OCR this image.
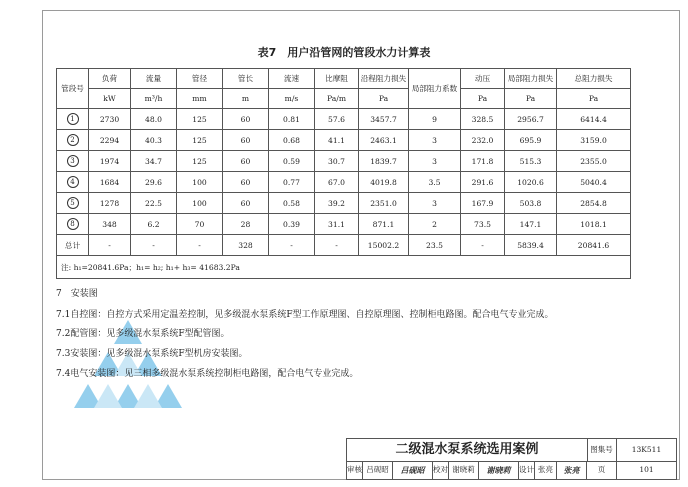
表7　用户沿管网的管段水力计算表
管段号	负荷	流量	管径	管长	流速	比摩阻	沿程阻力损失	局部阻力系数	动压	局部阻力损失	总阻力损失
	kW	m³/h	mm	m	m/s	Pa/m	Pa		Pa	Pa	Pa
1	2730	48.0	125	60	0.81	57.6	3457.7	9	328.5	2956.7	6414.4
2	2294	40.3	125	60	0.68	41.1	2463.1	3	232.0	695.9	3159.0
3	1974	34.7	125	60	0.59	30.7	1839.7	3	171.8	515.3	2355.0
4	1684	29.6	100	60	0.77	67.0	4019.8	3.5	291.6	1020.6	5040.4
5	1278	22.5	100	60	0.58	39.2	2351.0	3	167.9	503.8	2854.8
8	348	6.2	70	28	0.39	31.1	871.1	2	73.5	147.1	1018.1
总计	-	-	-	328	-	-	15002.2	23.5	-	5839.4	20841.6
注: h₁=20841.6Pa；h₁= h₂; h₁+ h₃= 41683.2Pa											
7　安装图
7.1自控图：自控方式采用定温差控制，见多级混水泵系统F型工作原理图、自控原理图、控制柜电路图。配合电气专业完成。
7.2配管图：见多级混水泵系统F型配管图。
7.3安装图：见多级混水泵系统F型机房安装图。
7.4电气安装图：见三相多级混水泵系统控制柜电路图，配合电气专业完成。
二级混水泵系统选用案例	图集号	13K511
审核 吕砚昭	吕砚昭	校对 谢晓莉	谢晓莉	设计 张亮	张亮	页	101
